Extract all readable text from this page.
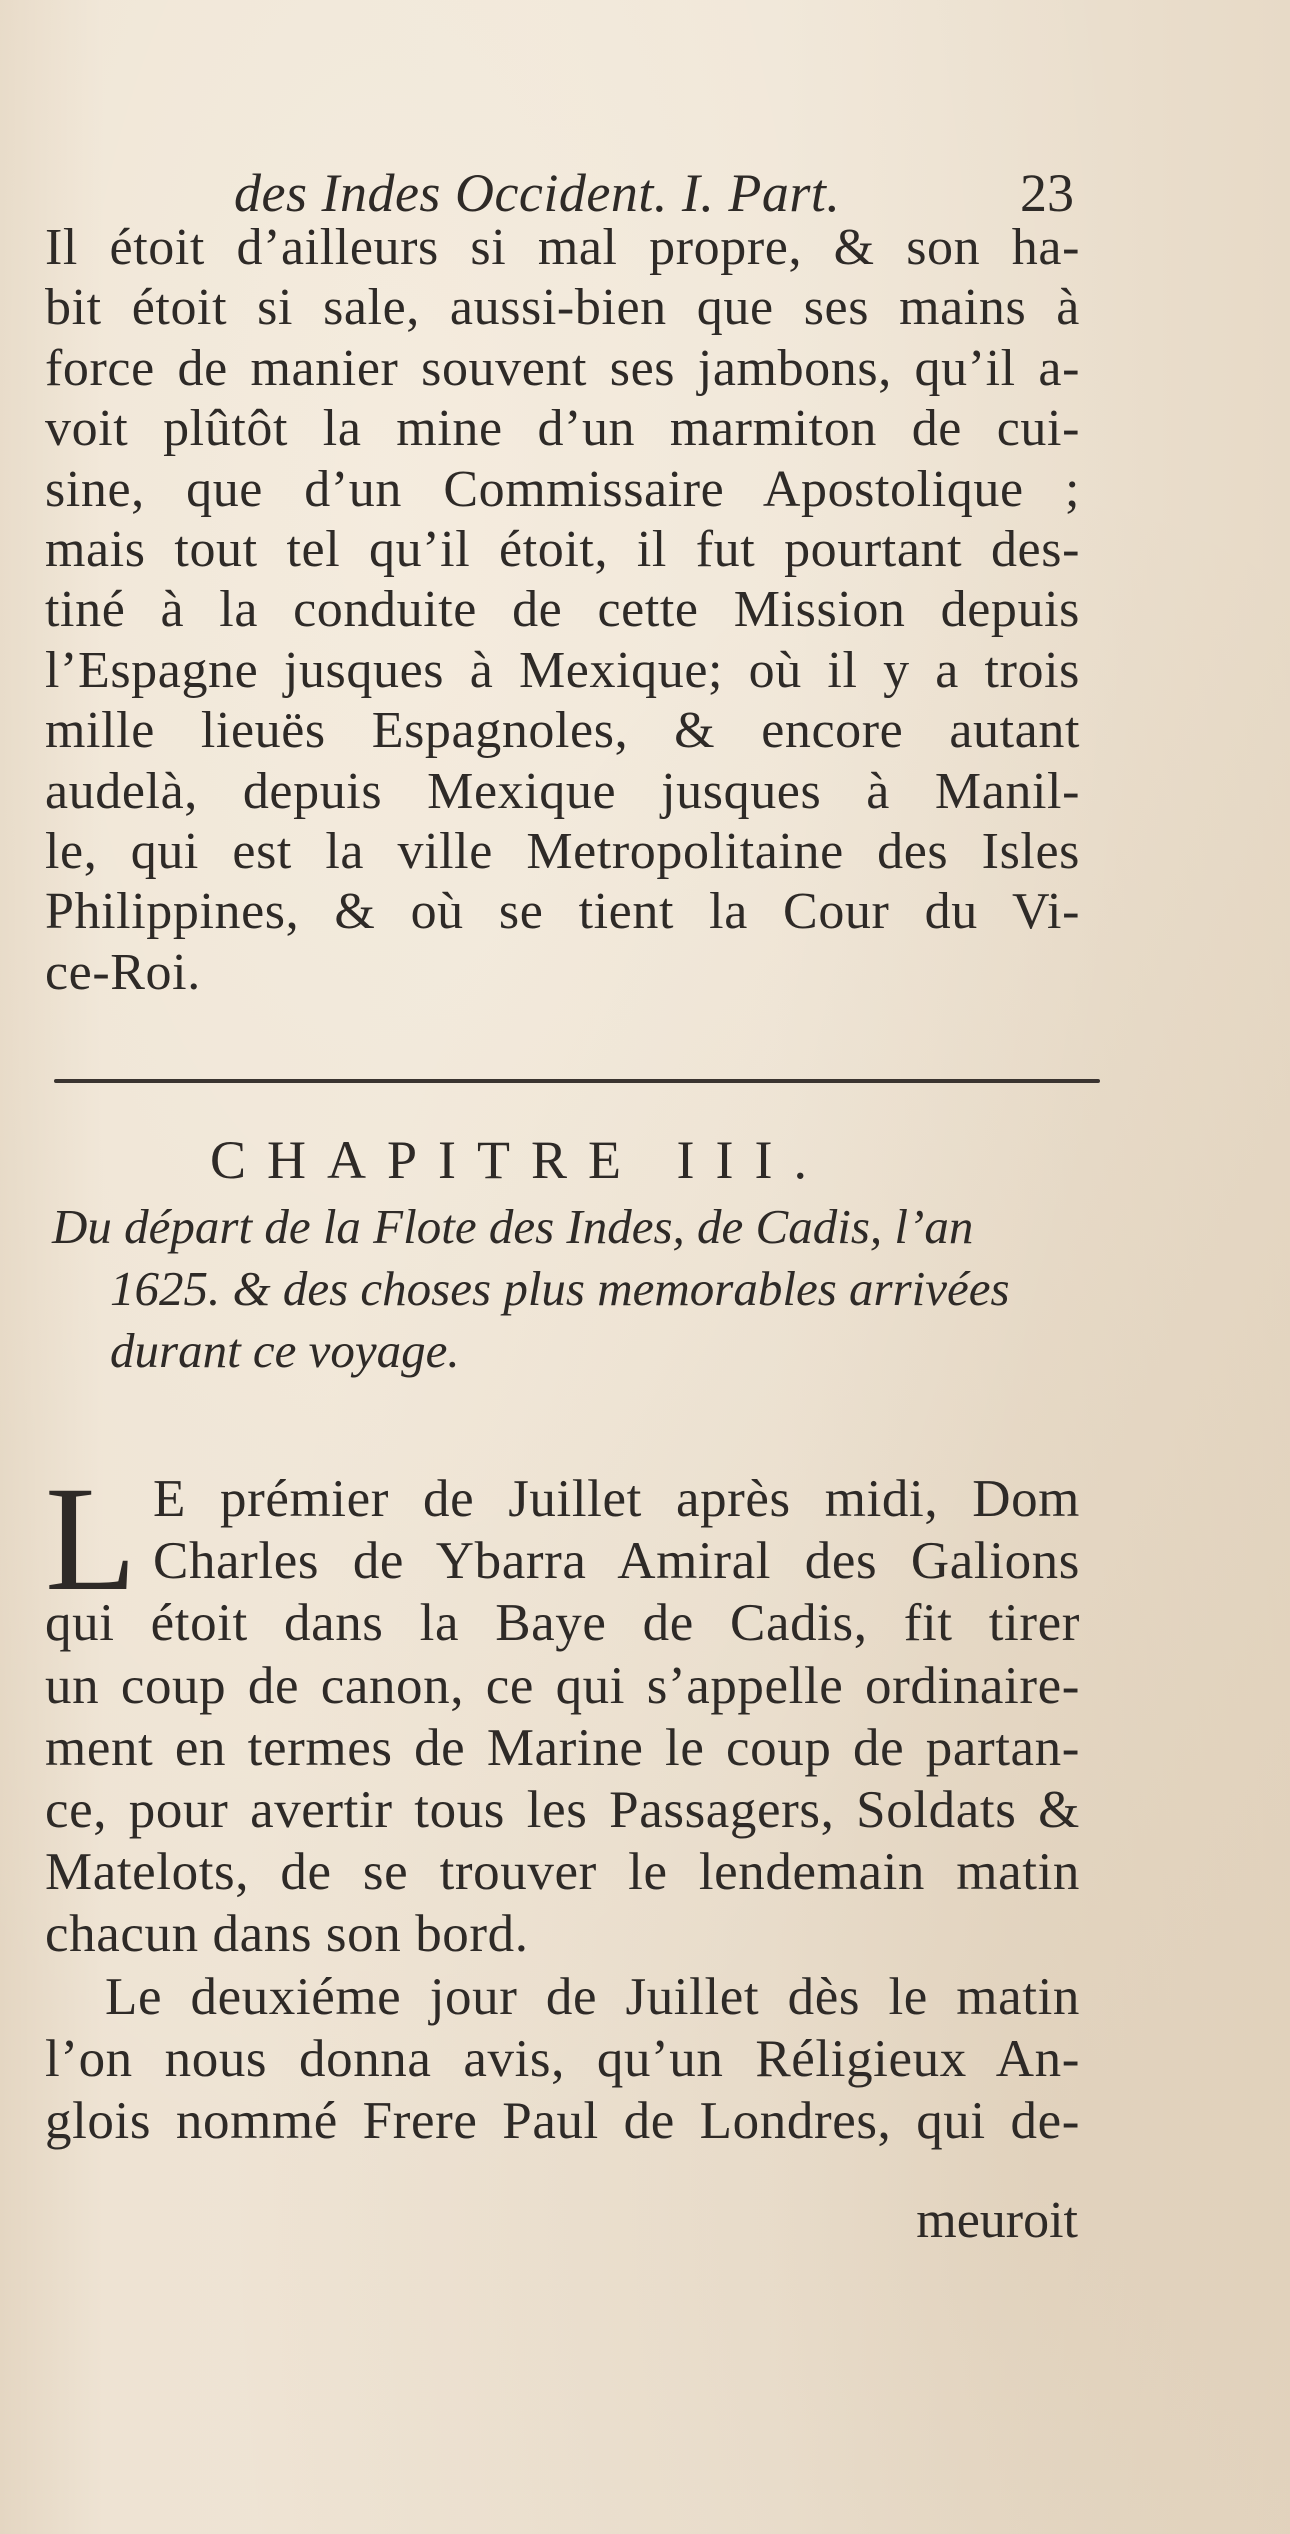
des Indes Occident. I. Part.	23
Il étoit d’ailleurs si mal propre, & son ha-
bit étoit si sale, aussi-bien que ses mains à
force de manier souvent ses jambons, qu’il a-
voit plûtôt la mine d’un marmiton de cui-
sine, que d’un Commissaire Apostolique ;
mais tout tel qu’il étoit, il fut pourtant des-
tiné à la conduite de cette Mission depuis
l’Espagne jusques à Mexique; où il y a trois
mille lieuës Espagnoles, & encore autant
audelà, depuis Mexique jusques à Manil-
le, qui est la ville Metropolitaine des Isles
Philippines, & où se tient la Cour du Vi-
ce-Roi.
CHAPITRE III.
Du départ de la Flote des Indes, de Cadis, l’an
1625. & des choses plus memorables arrivées
durant ce voyage.
L E prémier de Juillet après midi, Dom
Charles de Ybarra Amiral des Galions
qui étoit dans la Baye de Cadis, fit tirer
un coup de canon, ce qui s’appelle ordinaire-
ment en termes de Marine le coup de partan-
ce, pour avertir tous les Passagers, Soldats &
Matelots, de se trouver le lendemain matin
chacun dans son bord.
Le deuxiéme jour de Juillet dès le matin
l’on nous donna avis, qu’un Réligieux An-
glois nommé Frere Paul de Londres, qui de-
meuroit
